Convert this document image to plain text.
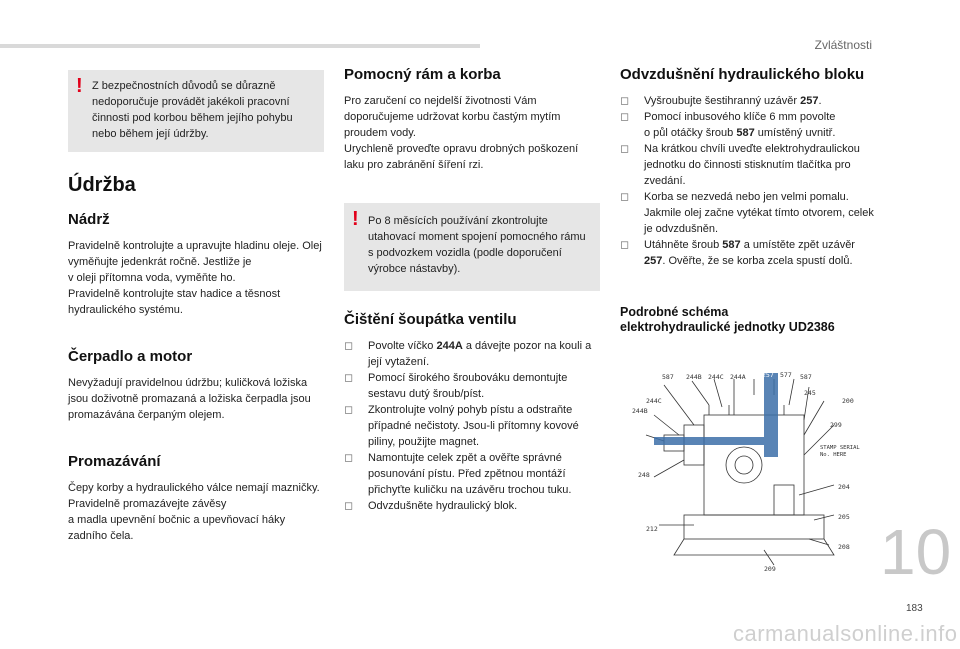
Zvláštnosti
! Z bezpečnostních důvodů se důrazně nedoporučuje provádět jakékoli pracovní činnosti pod korbou během jejího pohybu nebo během její údržby.

Údržba
Nádrž

Pravidelně kontrolujte a upravujte hladinu oleje. Olej vyměňujte jedenkrát ročně. Jestliže je
v oleji přítomna voda, vyměňte ho.
Pravidelně kontrolujte stav hadice a těsnost hydraulického systému.

Čerpadlo a motor

Nevyžadují pravidelnou údržbu; kuličková ložiska jsou doživotně promazaná a ložiska čerpadla jsou promazávána čerpaným olejem.

Promazávání

Čepy korby a hydraulického válce nemají mazničky. Pravidelně promazávejte závěsy
a madla upevnění bočnic a upevňovací háky zadního čela.

Pomocný rám a korba

Pro zaručení co nejdelší životnosti Vám doporučujeme udržovat korbu častým mytím proudem vody.
Urychleně proveďte opravu drobných poškození laku pro zabránění šíření rzi.

! Po 8 měsících používání zkontrolujte utahovací moment spojení pomocného rámu s podvozkem vozidla (podle doporučení výrobce nástavby).

Čištění šoupátka ventilu
◻ Povolte víčko 244A a dávejte pozor na kouli a její vytažení.
◻ Pomocí širokého šroubováku demontujte sestavu dutý šroub/píst.
◻ Zkontrolujte volný pohyb pístu a odstraňte případné nečistoty. Jsou-li přítomny kovové piliny, použijte magnet.
◻ Namontujte celek zpět a ověřte správné posunování pístu. Před zpětnou montáží přichyťte kuličku na uzávěru trochou tuku.
◻ Odvzdušněte hydraulický blok.
Odvzdušnění hydraulického bloku
◻ Vyšroubujte šestihranný uzávěr 257.
◻ Pomocí inbusového klíče 6 mm povolte
o půl otáčky šroub 587 umístěný uvnitř.
◻ Na krátkou chvíli uveďte elektrohydraulickou jednotku do činnosti stisknutím tlačítka pro zvedání.
◻ Korba se nezvedá nebo jen velmi pomalu. Jakmile olej začne vytékat tímto otvorem, celek je odvzdušněn.
◻ Utáhněte šroub 587 a umístěte zpět uzávěr
257. Ověřte, že se korba zcela spustí dolů.
Podrobné schéma
elektrohydraulické jednotky UD2386
587 244B 244C 244A	257 577 587
245
244C
244B
244A
200
299
248
204
205
212
208
209
STAMP SERIAL No. HERE
10
183
carmanualsonline.info
